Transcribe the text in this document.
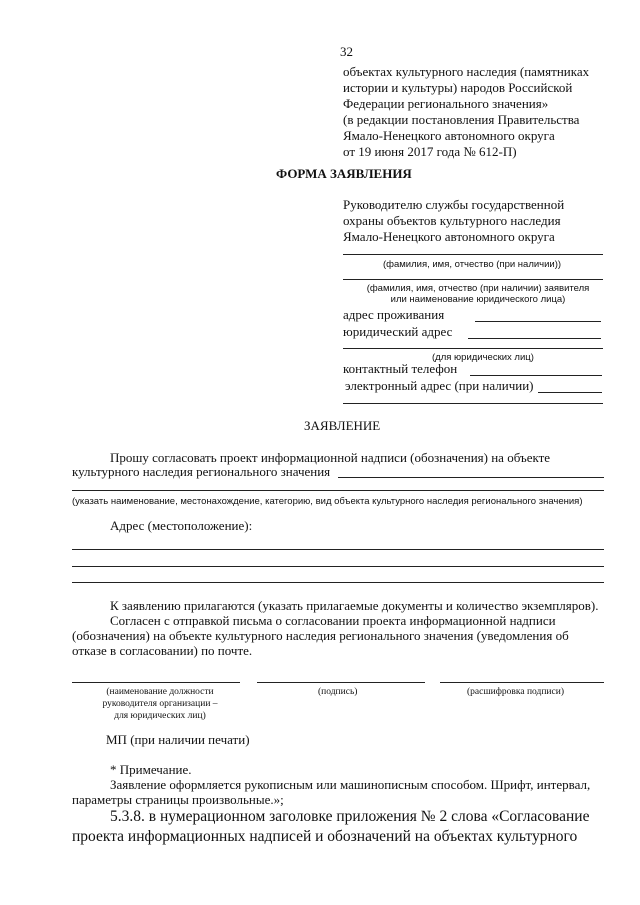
32
объектах культурного наследия (памятниках
истории и культуры) народов Российской
Федерации регионального значения»
(в редакции постановления Правительства
Ямало-Ненецкого автономного округа
от 19 июня 2017 года № 612-П)
ФОРМА ЗАЯВЛЕНИЯ
Руководителю службы государственной
охраны объектов культурного наследия
Ямало-Ненецкого автономного округа
(фамилия, имя, отчество (при наличии))
(фамилия, имя, отчество (при наличии) заявителя
или наименование юридического лица)
адрес проживания
юридический адрес
(для юридических лиц)
контактный телефон
электронный адрес (при наличии)
ЗАЯВЛЕНИЕ
Прошу согласовать проект информационной надписи (обозначения) на объекте
культурного наследия регионального значения
(указать наименование, местонахождение, категорию, вид объекта культурного наследия регионального значения)
Адрес (местоположение):
К заявлению прилагаются (указать прилагаемые документы и количество экземпляров).
Согласен с отправкой письма о согласовании проекта информационной надписи
(обозначения) на объекте культурного наследия регионального значения (уведомления об
отказе в согласовании) по почте.
(наименование должности
руководителя организации –
для юридических лиц)
(подпись)	(расшифровка подписи)
МП (при наличии печати)
* Примечание.
Заявление оформляется рукописным или машинописным способом. Шрифт, интервал,
параметры страницы произвольные.»;
5.3.8. в нумерационном заголовке приложения № 2 слова «Согласование
проекта информационных надписей и обозначений на объектах культурного
